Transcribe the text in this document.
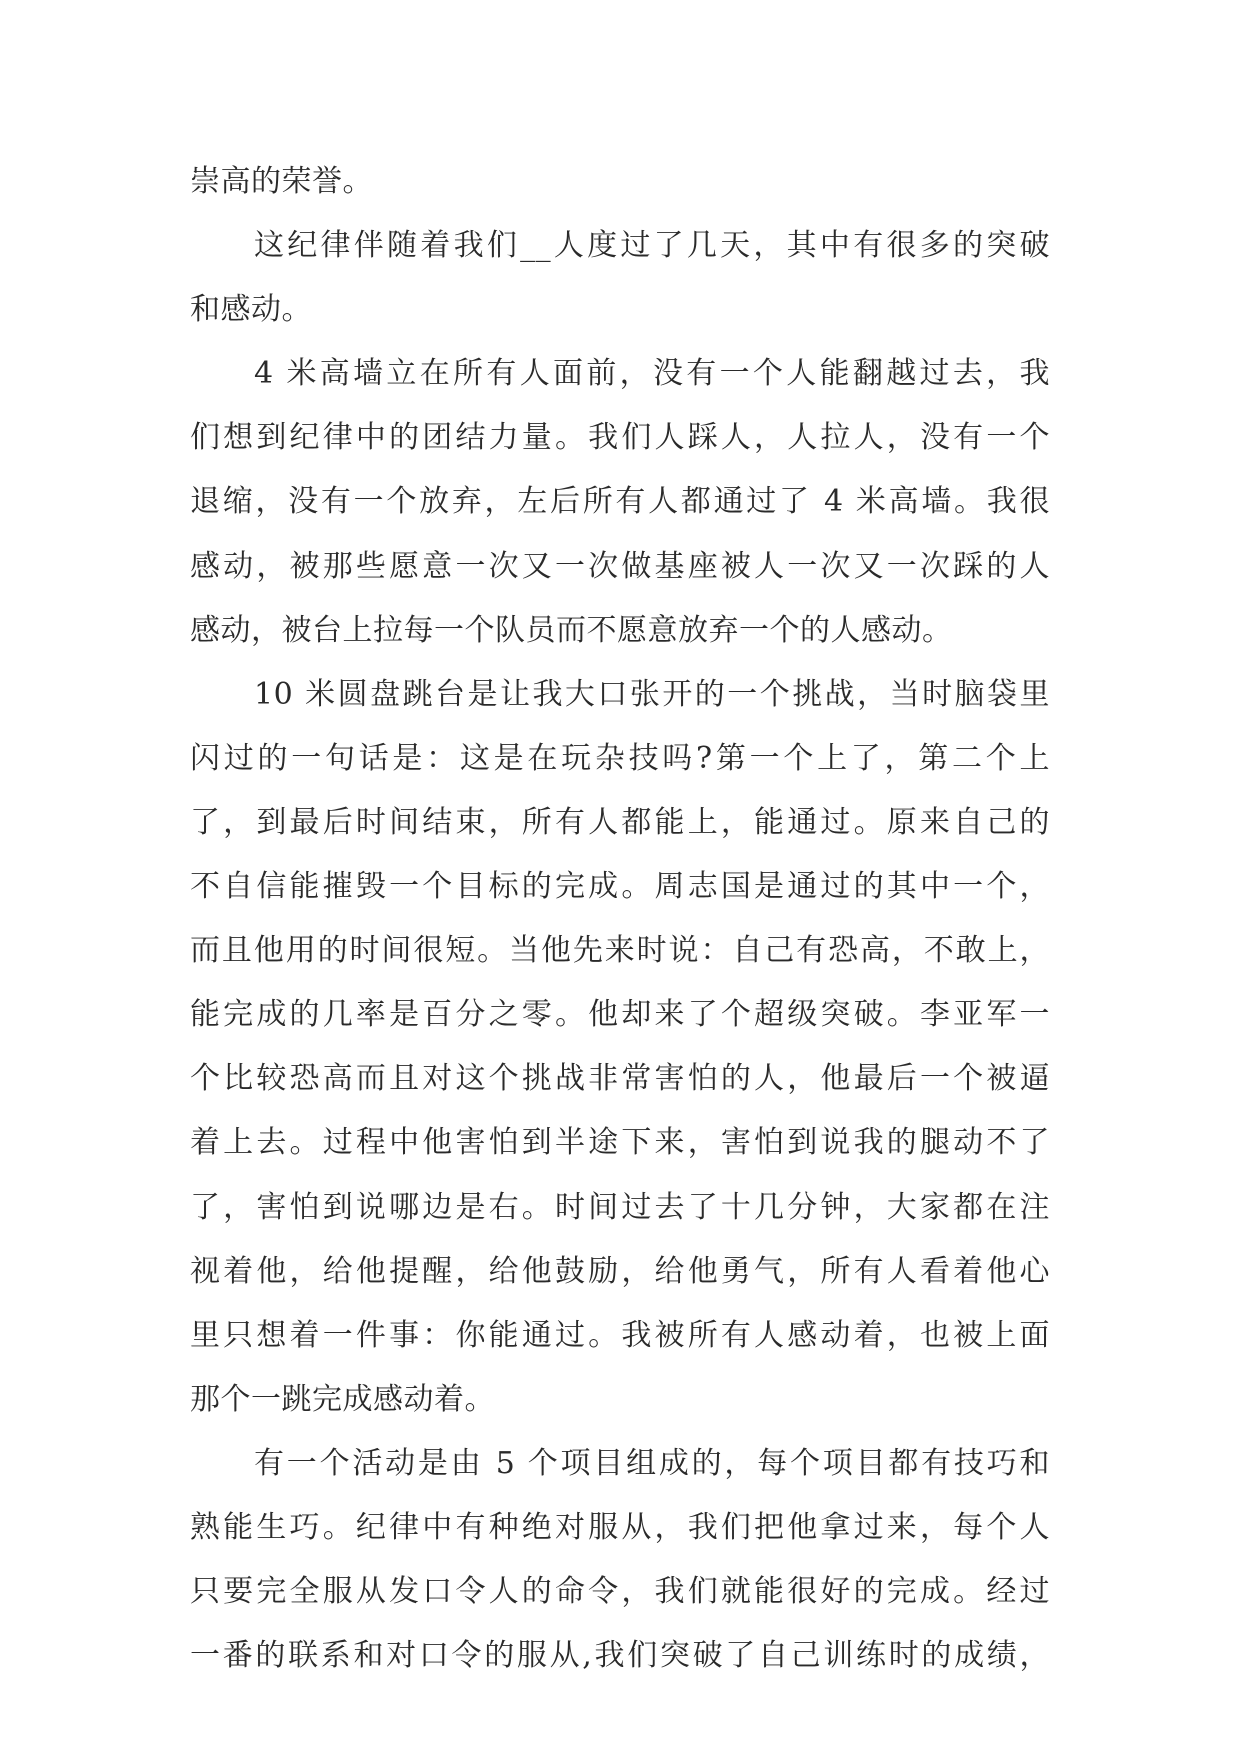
崇高的荣誉。
这纪律伴随着我们__人度过了几天，其中有很多的突破
和感动。
4 米高墙立在所有人面前，没有一个人能翻越过去，我
们想到纪律中的团结力量。我们人踩人，人拉人，没有一个
退缩，没有一个放弃，左后所有人都通过了 4 米高墙。我很
感动，被那些愿意一次又一次做基座被人一次又一次踩的人
感动，被台上拉每一个队员而不愿意放弃一个的人感动。
10 米圆盘跳台是让我大口张开的一个挑战，当时脑袋里
闪过的一句话是：这是在玩杂技吗?第一个上了，第二个上
了，到最后时间结束，所有人都能上，能通过。原来自己的
不自信能摧毁一个目标的完成。周志国是通过的其中一个，
而且他用的时间很短。当他先来时说：自己有恐高，不敢上，
能完成的几率是百分之零。他却来了个超级突破。李亚军一
个比较恐高而且对这个挑战非常害怕的人，他最后一个被逼
着上去。过程中他害怕到半途下来，害怕到说我的腿动不了
了，害怕到说哪边是右。时间过去了十几分钟，大家都在注
视着他，给他提醒，给他鼓励，给他勇气，所有人看着他心
里只想着一件事：你能通过。我被所有人感动着，也被上面
那个一跳完成感动着。
有一个活动是由 5 个项目组成的，每个项目都有技巧和
熟能生巧。纪律中有种绝对服从，我们把他拿过来，每个人
只要完全服从发口令人的命令，我们就能很好的完成。经过
一番的联系和对口令的服从,我们突破了自己训练时的成绩，
